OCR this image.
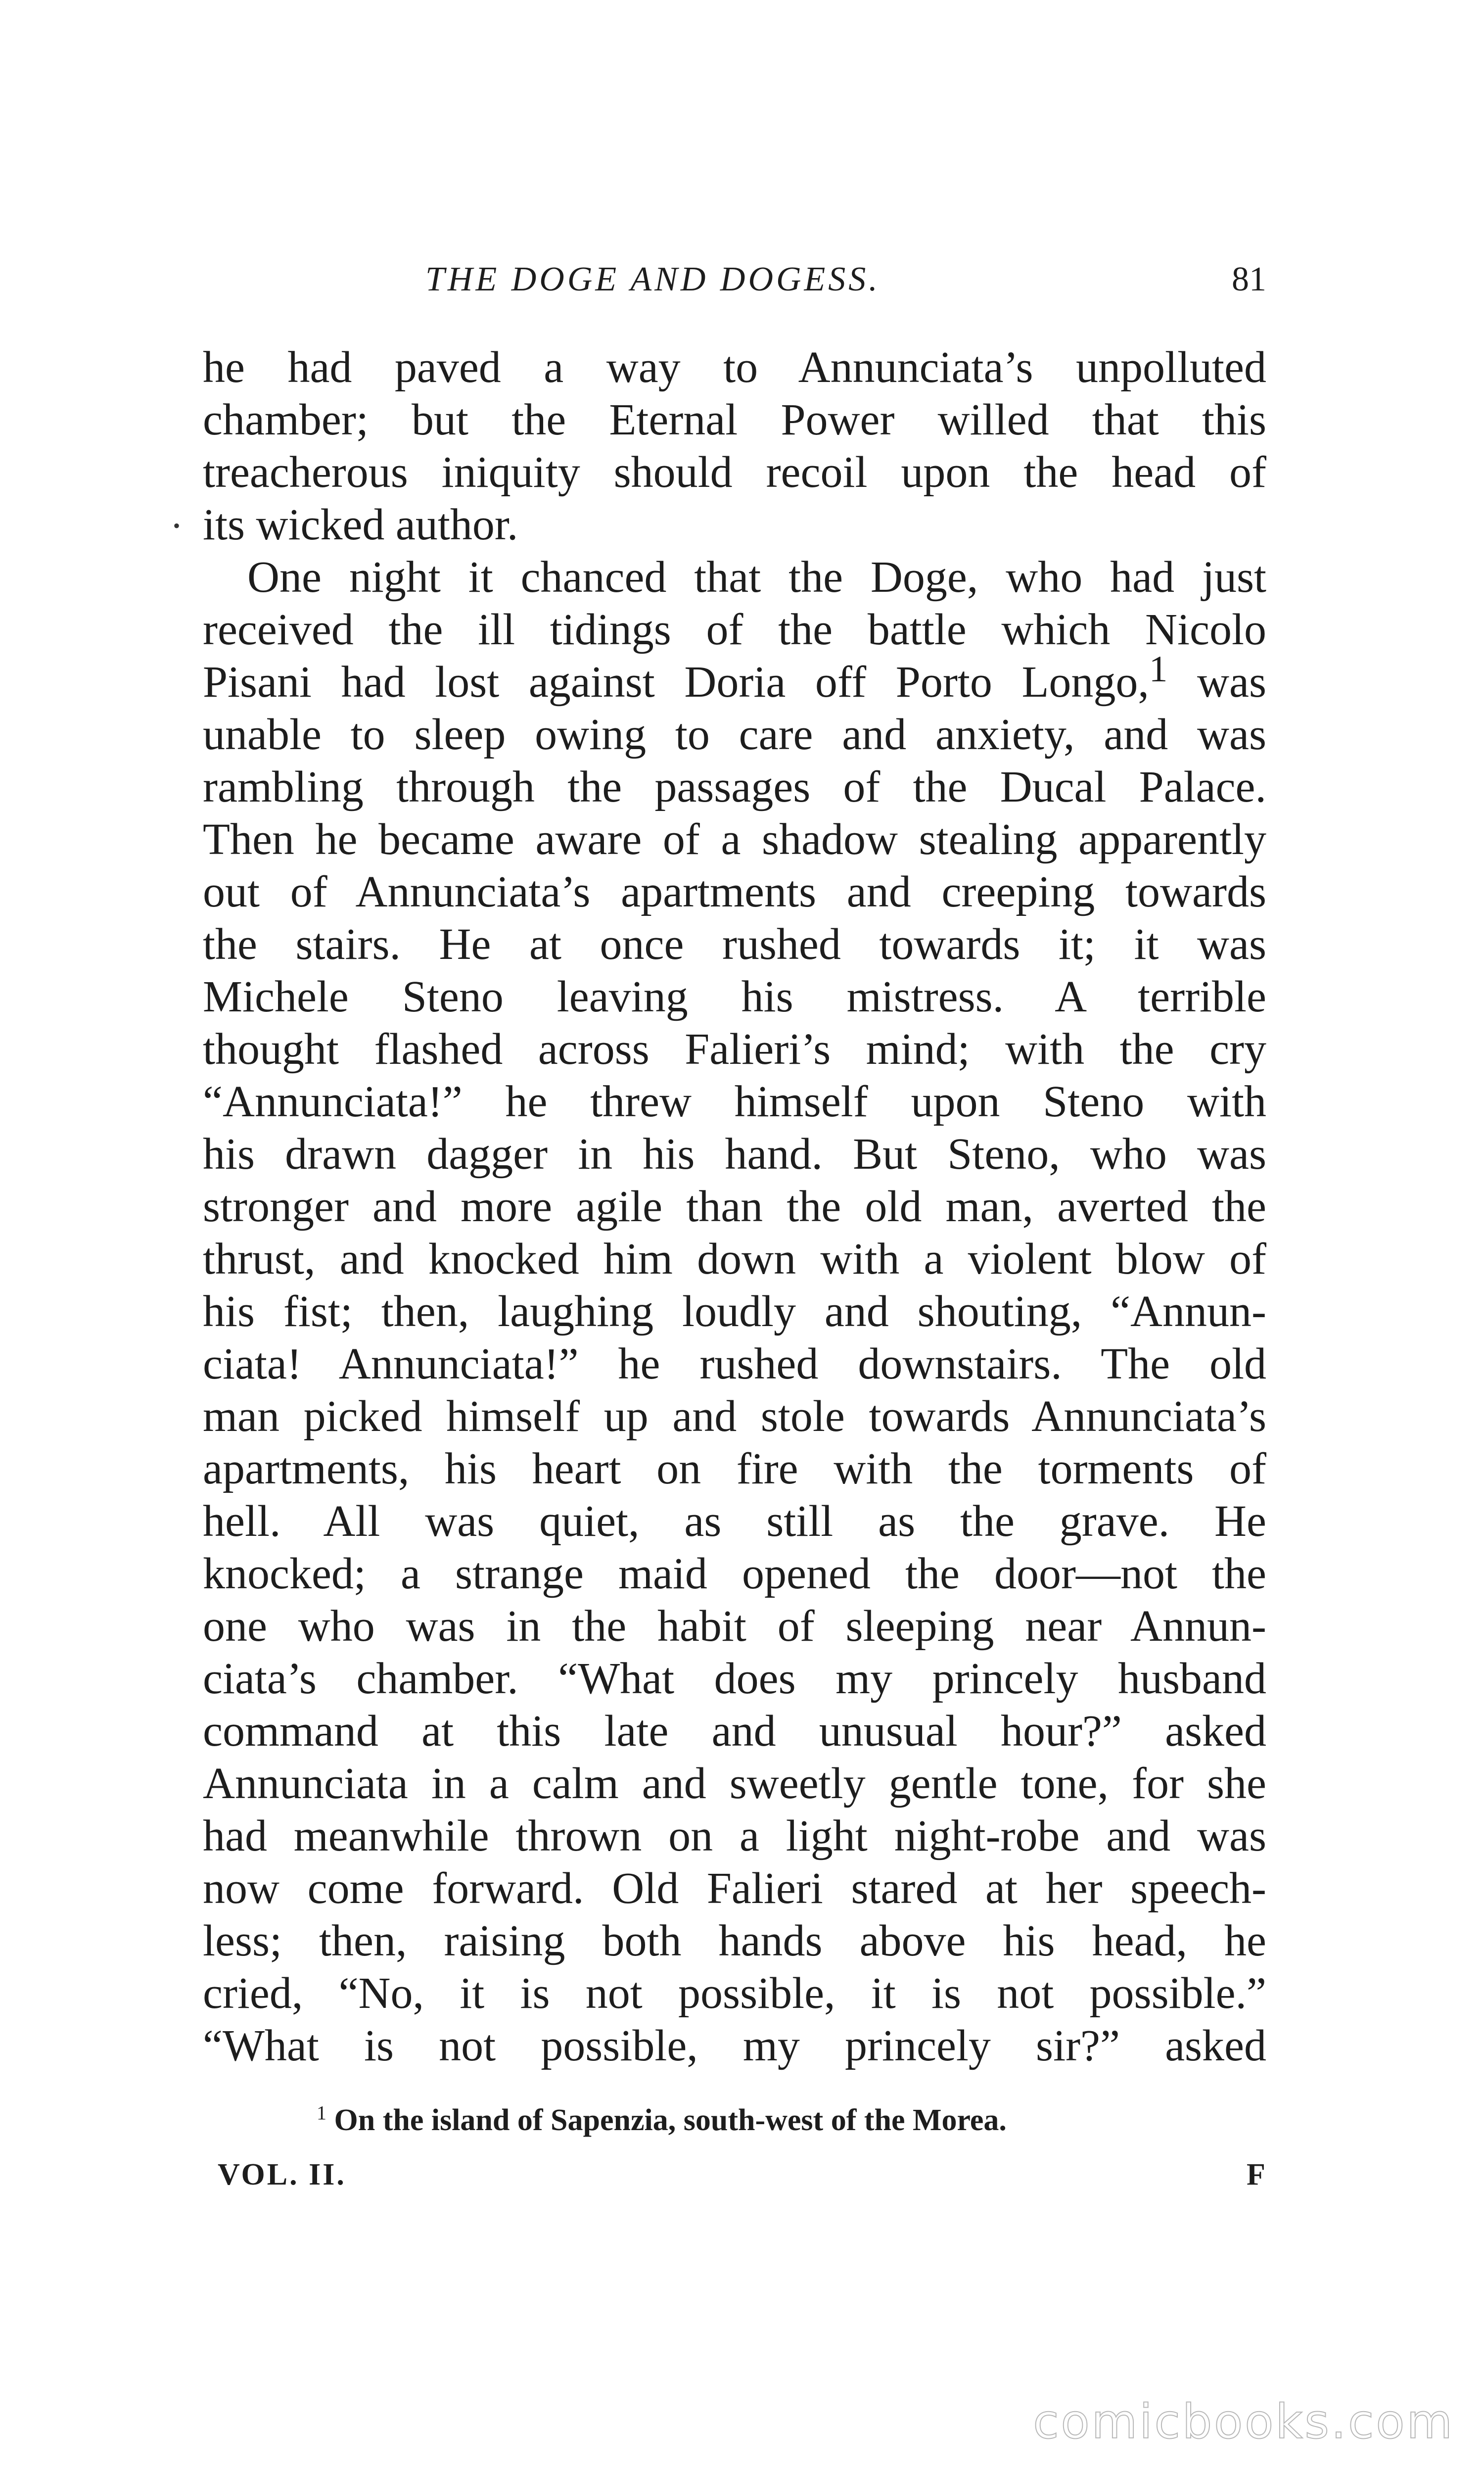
THE DOGE AND DOGESS.	81
•
he had paved a way to Annunciata’s unpolluted
chamber; but the Eternal Power willed that this
treacherous iniquity should recoil upon the head of
its wicked author.
One night it chanced that the Doge, who had just
received the ill tidings of the battle which Nicolo
Pisani had lost against Doria off Porto Longo,$^1$ was
unable to sleep owing to care and anxiety, and was
rambling through the passages of the Ducal Palace.
Then he became aware of a shadow stealing apparently
out of Annunciata’s apartments and creeping towards
the stairs. He at once rushed towards it; it was
Michele Steno leaving his mistress. A terrible
thought flashed across Falieri’s mind; with the cry
“Annunciata!” he threw himself upon Steno with
his drawn dagger in his hand. But Steno, who was
stronger and more agile than the old man, averted the
thrust, and knocked him down with a violent blow of
his fist; then, laughing loudly and shouting, “Annun-
ciata! Annunciata!” he rushed downstairs. The old
man picked himself up and stole towards Annunciata’s
apartments, his heart on fire with the torments of
hell. All was quiet, as still as the grave. He
knocked; a strange maid opened the door—not the
one who was in the habit of sleeping near Annun-
ciata’s chamber. “What does my princely husband
command at this late and unusual hour?” asked
Annunciata in a calm and sweetly gentle tone, for she
had meanwhile thrown on a light night-robe and was
now come forward. Old Falieri stared at her speech-
less; then, raising both hands above his head, he
cried, “No, it is not possible, it is not possible.”
“What is not possible, my princely sir?” asked
$^1$ On the island of Sapenzia, south-west of the Morea.
VOL. II.	F
comicbooks.com
